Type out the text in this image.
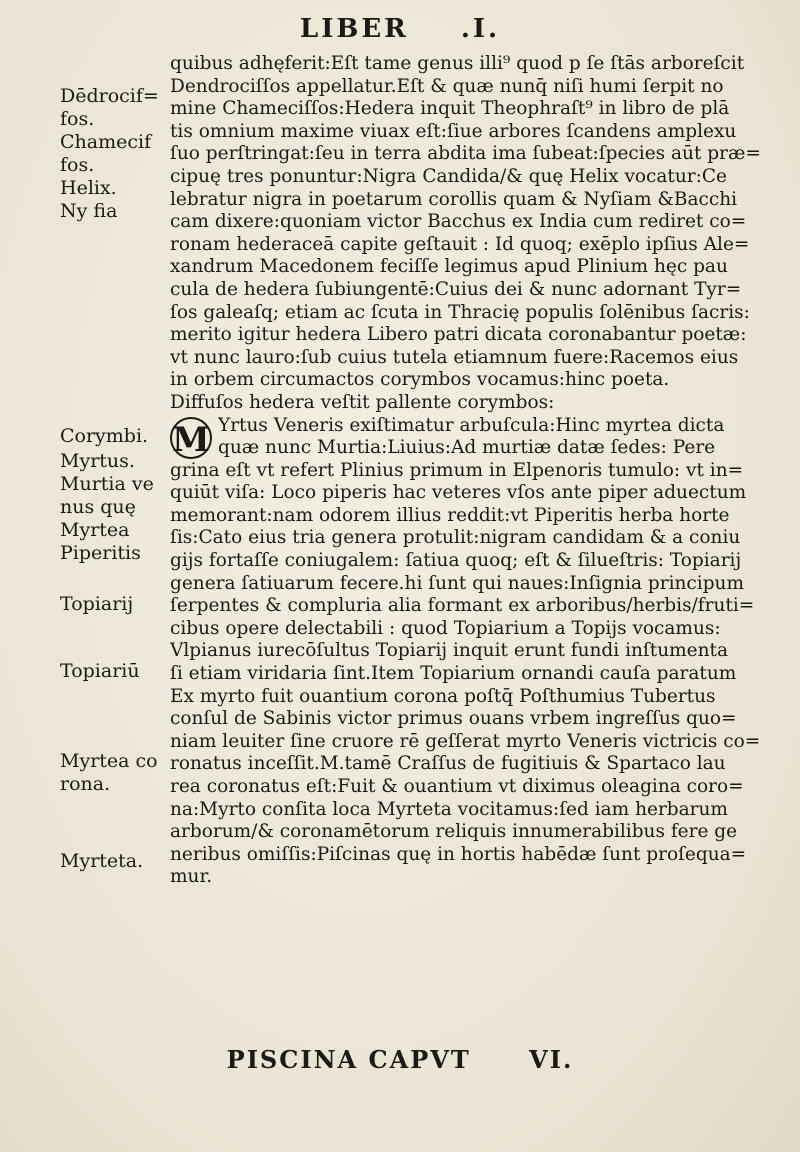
LIBER .I.
Dēdrocif=
fos.
Chamecif
fos.
Helix.
Ny fia
Corymbi.
Myrtus.
Murtia ve
nus quę
Myrtea
Piperitis
Topiarij
Topiariū
Myrtea co
rona.
Myrteta.
quibus adhęferit:Eſt tame genus illi⁹ quod p ſe ſtās arboreſcit
Dendrociſſos appellatur.Eſt & quæ nunq̄ niſi humi ſerpit no
mine Chameciſſos:Hedera inquit Theophraſt⁹ in libro de plā
tis omnium maxime viuax eſt:ſiue arbores ſcandens amplexu
ſuo perſtringat:ſeu in terra abdita ima ſubeat:ſpecies aūt præ=
cipuę tres ponuntur:Nigra Candida/& quę Helix vocatur:Ce
lebratur nigra in poetarum corollis quam & Nyſiam &Bacchi
cam dixere:quoniam victor Bacchus ex India cum rediret co=
ronam hederaceā capite geſtauit : Id quoq; exēplo ipſius Ale=
xandrum Macedonem feciſſe legimus apud Plinium hęc pau
cula de hedera ſubiungentē:Cuius dei & nunc adornant Tyr=
ſos galeaſq; etiam ac ſcuta in Thracię populis ſolēnibus ſacris:
merito igitur hedera Libero patri dicata coronabantur poetæ:
vt nunc lauro:ſub cuius tutela etiamnum fuere:Racemos eius
in orbem circumactos corymbos vocamus:hinc poeta.
Diffuſos hedera veſtit pallente corymbos:
M Yrtus Veneris exiſtimatur arbuſcula:Hinc myrtea dicta
quæ nunc Murtia:Liuius:Ad murtiæ datæ ſedes: Pere
grina eſt vt refert Plinius primum in Elpenoris tumulo: vt in=
quiūt viſa: Loco piperis hac veteres vſos ante piper aduectum
memorant:nam odorem illius reddit:vt Piperitis herba horte
ſis:Cato eius tria genera protulit:nigram candidam & a coniu
gijs fortaſſe coniugalem: ſatiua quoq; eſt & ſilueſtris: Topiarij
genera ſatiuarum fecere.hi ſunt qui naues:Inſignia principum
ſerpentes & compluria alia formant ex arboribus/herbis/fruti=
cibus opere delectabili : quod Topiarium a Topijs vocamus:
Vlpianus iurecōſultus Topiarij inquit erunt fundi inſtumenta
ſi etiam viridaria ſint.Item Topiarium ornandi cauſa paratum
Ex myrto fuit ouantium corona poſtq̄ Poſthumius Tubertus
conſul de Sabinis victor primus ouans vrbem ingreſſus quo=
niam leuiter ſine cruore rē geſſerat myrto Veneris victricis co=
ronatus inceſſit.M.tamē Craſſus de fugitiuis & Spartaco lau
rea coronatus eſt:Fuit & ouantium vt diximus oleagina coro=
na:Myrto conſita loca Myrteta vocitamus:ſed iam herbarum
arborum/& coronamētorum reliquis innumerabilibus fere ge
neribus omiſſis:Piſcinas quę in hortis habēdæ ſunt proſequa=
mur.
PISCINA CAPVT VI.
